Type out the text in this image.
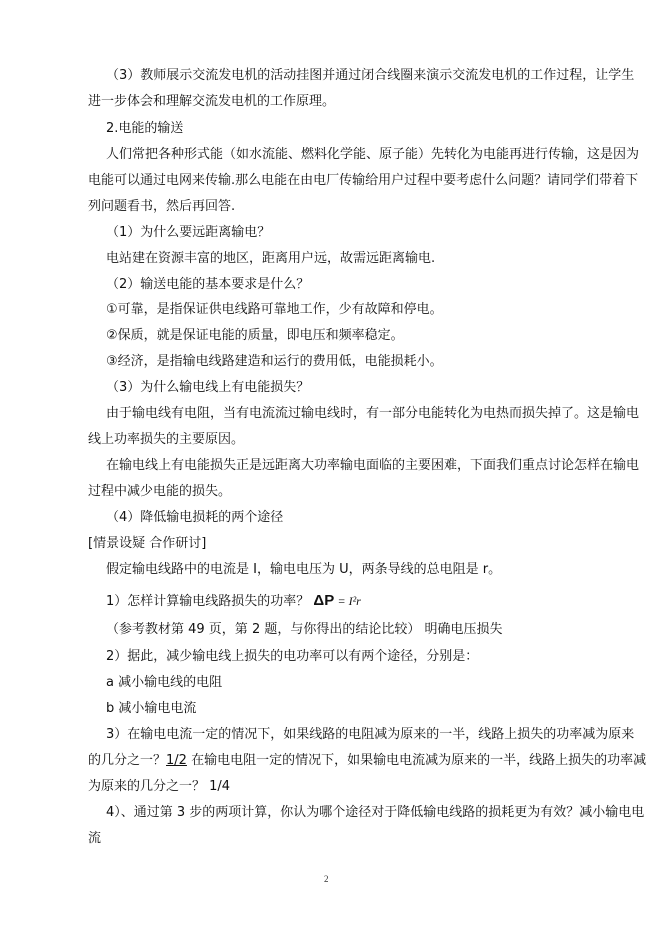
（3）教师展示交流发电机的活动挂图并通过闭合线圈来演示交流发电机的工作过程，让学生
进一步体会和理解交流发电机的工作原理。
2.电能的输送
人们常把各种形式能（如水流能、燃料化学能、原子能）先转化为电能再进行传输，这是因为
电能可以通过电网来传输.那么电能在由电厂传输给用户过程中要考虑什么问题？请同学们带着下
列问题看书，然后再回答.
（1）为什么要远距离输电？
电站建在资源丰富的地区，距离用户远，故需远距离输电.
（2）输送电能的基本要求是什么？
①可靠，是指保证供电线路可靠地工作，少有故障和停电。
②保质，就是保证电能的质量，即电压和频率稳定。
③经济，是指输电线路建造和运行的费用低，电能损耗小。
（3）为什么输电线上有电能损失？
由于输电线有电阻，当有电流流过输电线时，有一部分电能转化为电热而损失掉了。这是输电
线上功率损失的主要原因。
在输电线上有电能损失正是远距离大功率输电面临的主要困难，下面我们重点讨论怎样在输电
过程中减少电能的损失。
（4）降低输电损耗的两个途径
[情景设疑 合作研讨]
假定输电线路中的电流是 I，输电电压为 U，两条导线的总电阻是 r。
1）怎样计算输电线路损失的功率？ ΔP = I²r
（参考教材第 49 页，第 2 题，与你得出的结论比较） 明确电压损失
2）据此，减少输电线上损失的电功率可以有两个途径，分别是：
a 减小输电线的电阻
b 减小输电电流
3）在输电电流一定的情况下，如果线路的电阻减为原来的一半，线路上损失的功率减为原来
的几分之一？1/2 在输电电阻一定的情况下，如果输电电流减为原来的一半，线路上损失的功率减
为原来的几分之一？ 1/4
4）、通过第 3 步的两项计算，你认为哪个途径对于降低输电线路的损耗更为有效？减小输电电
流
2
